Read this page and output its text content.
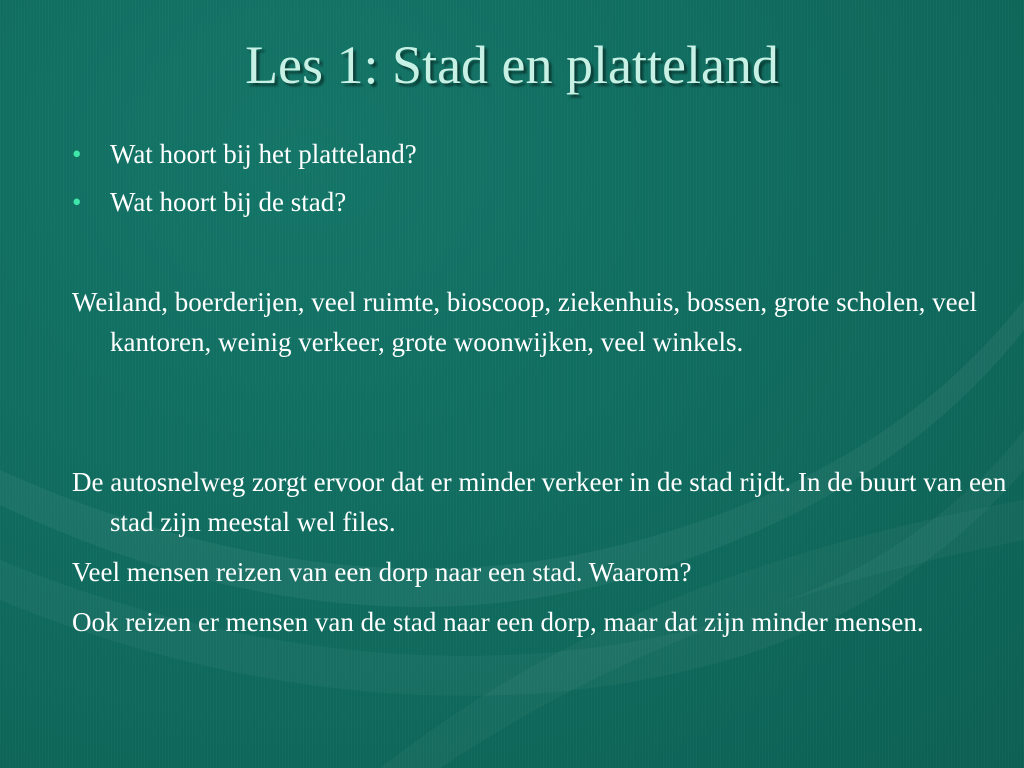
Les 1: Stad en platteland
• Wat hoort bij het platteland?
• Wat hoort bij de stad?

Weiland, boerderijen, veel ruimte, bioscoop, ziekenhuis, bossen, grote scholen, veel kantoren, weinig verkeer, grote woonwijken, veel winkels.

De autosnelweg zorgt ervoor dat er minder verkeer in de stad rijdt. In de buurt van een stad zijn meestal wel files.

Veel mensen reizen van een dorp naar een stad. Waarom?

Ook reizen er mensen van de stad naar een dorp, maar dat zijn minder mensen.
